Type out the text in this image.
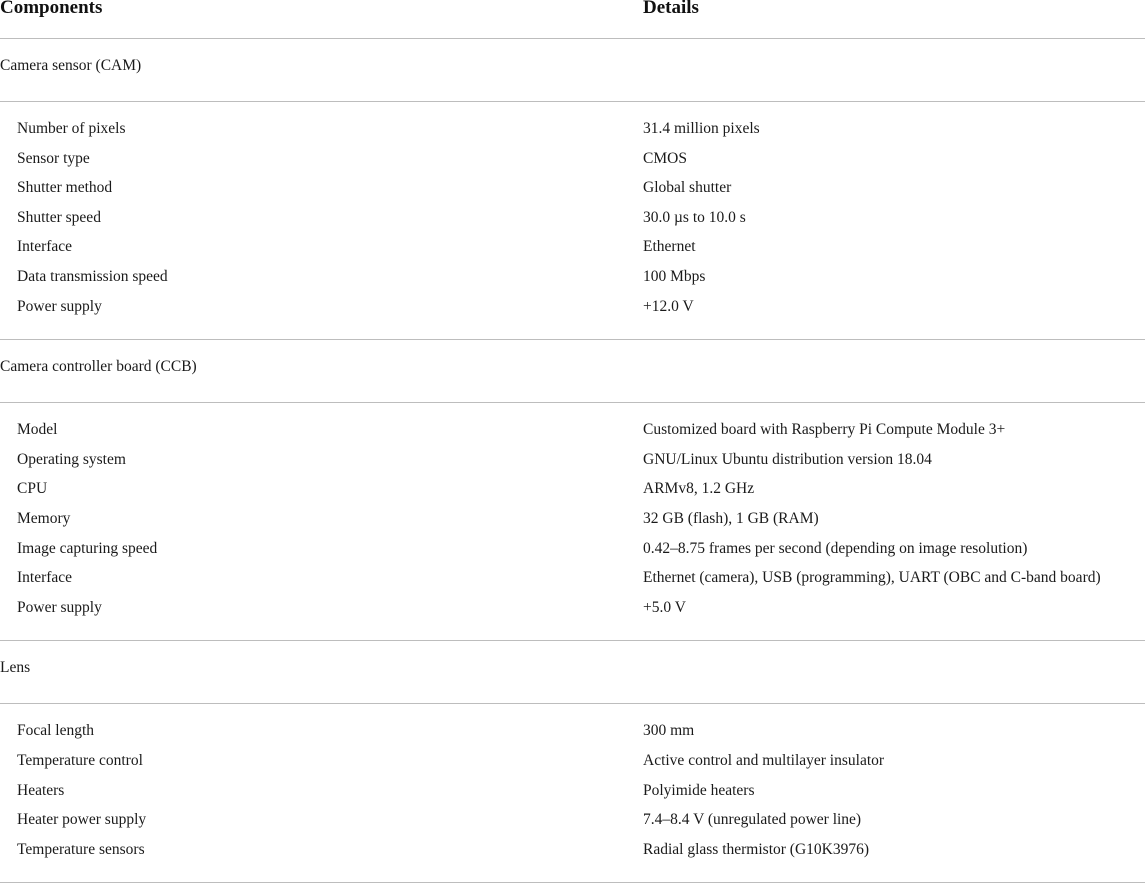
Components	Details
Camera sensor (CAM)
Number of pixels	31.4 million pixels
Sensor type	CMOS
Shutter method	Global shutter
Shutter speed	30.0 µs to 10.0 s
Interface	Ethernet
Data transmission speed	100 Mbps
Power supply	+12.0 V
Camera controller board (CCB)
Model	Customized board with Raspberry Pi Compute Module 3+
Operating system	GNU/Linux Ubuntu distribution version 18.04
CPU	ARMv8, 1.2 GHz
Memory	32 GB (flash), 1 GB (RAM)
Image capturing speed	0.42–8.75 frames per second (depending on image resolution)
Interface	Ethernet (camera), USB (programming), UART (OBC and C-band board)
Power supply	+5.0 V
Lens
Focal length	300 mm
Temperature control	Active control and multilayer insulator
Heaters	Polyimide heaters
Heater power supply	7.4–8.4 V (unregulated power line)
Temperature sensors	Radial glass thermistor (G10K3976)
